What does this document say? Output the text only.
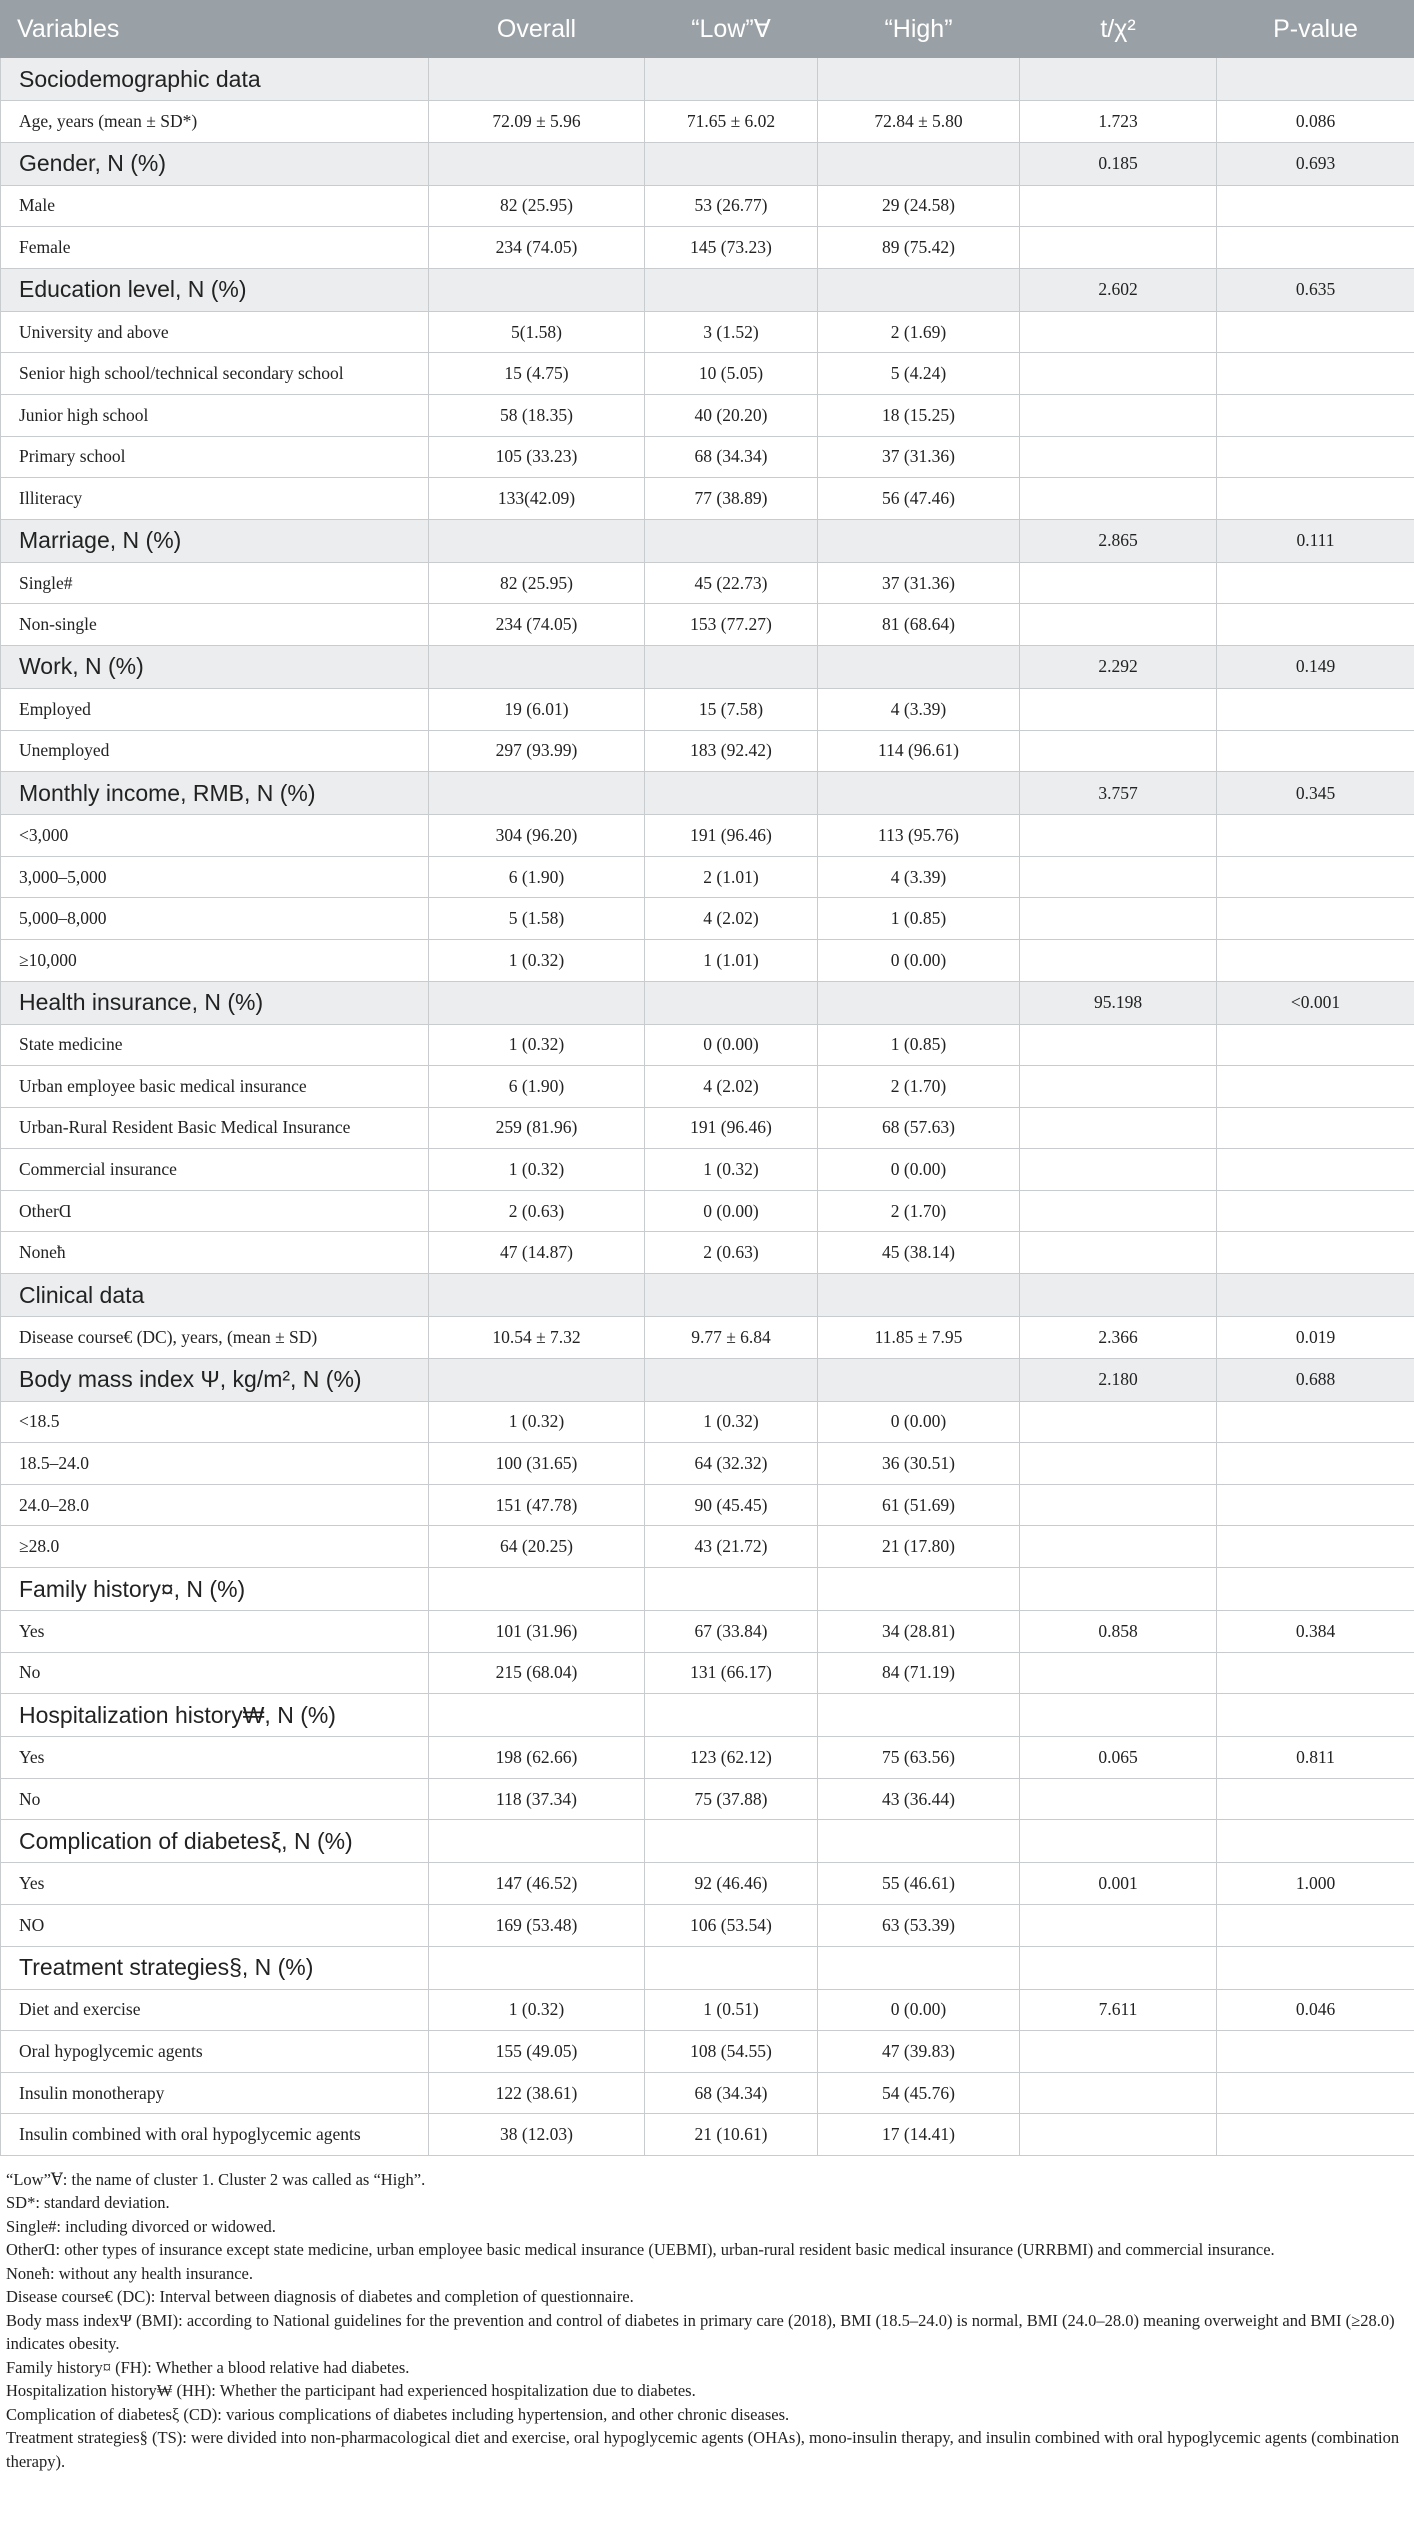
Variables	Overall	“Low”Ɐ	“High”	t/χ²	P-value
Sociodemographic data					
Age, years (mean ± SD*)	72.09 ± 5.96	71.65 ± 6.02	72.84 ± 5.80	1.723	0.086
Gender, N (%)				0.185	0.693
Male	82 (25.95)	53 (26.77)	29 (24.58)		
Female	234 (74.05)	145 (73.23)	89 (75.42)		
Education level, N (%)				2.602	0.635
University and above	5(1.58)	3 (1.52)	2 (1.69)		
Senior high school/technical secondary school	15 (4.75)	10 (5.05)	5 (4.24)		
Junior high school	58 (18.35)	40 (20.20)	18 (15.25)		
Primary school	105 (33.23)	68 (34.34)	37 (31.36)		
Illiteracy	133(42.09)	77 (38.89)	56 (47.46)		
Marriage, N (%)				2.865	0.111
Single#	82 (25.95)	45 (22.73)	37 (31.36)		
Non-single	234 (74.05)	153 (77.27)	81 (68.64)		
Work, N (%)				2.292	0.149
Employed	19 (6.01)	15 (7.58)	4 (3.39)		
Unemployed	297 (93.99)	183 (92.42)	114 (96.61)		
Monthly income, RMB, N (%)				3.757	0.345
<3,000	304 (96.20)	191 (96.46)	113 (95.76)		
3,000–5,000	6 (1.90)	2 (1.01)	4 (3.39)		
5,000–8,000	5 (1.58)	4 (2.02)	1 (0.85)		
≥10,000	1 (0.32)	1 (1.01)	0 (0.00)		
Health insurance, N (%)				95.198	<0.001
State medicine	1 (0.32)	0 (0.00)	1 (0.85)		
Urban employee basic medical insurance	6 (1.90)	4 (2.02)	2 (1.70)		
Urban-Rural Resident Basic Medical Insurance	259 (81.96)	191 (96.46)	68 (57.63)		
Commercial insurance	1 (0.32)	1 (0.32)	0 (0.00)		
OtherⱭ	2 (0.63)	0 (0.00)	2 (1.70)		
Noneħ	47 (14.87)	2 (0.63)	45 (38.14)		
Clinical data					
Disease course€ (DC), years, (mean ± SD)	10.54 ± 7.32	9.77 ± 6.84	11.85 ± 7.95	2.366	0.019
Body mass index Ψ, kg/m², N (%)				2.180	0.688
<18.5	1 (0.32)	1 (0.32)	0 (0.00)		
18.5–24.0	100 (31.65)	64 (32.32)	36 (30.51)		
24.0–28.0	151 (47.78)	90 (45.45)	61 (51.69)		
≥28.0	64 (20.25)	43 (21.72)	21 (17.80)		
Family history¤, N (%)					
Yes	101 (31.96)	67 (33.84)	34 (28.81)	0.858	0.384
No	215 (68.04)	131 (66.17)	84 (71.19)		
Hospitalization history₩, N (%)					
Yes	198 (62.66)	123 (62.12)	75 (63.56)	0.065	0.811
No	118 (37.34)	75 (37.88)	43 (36.44)		
Complication of diabetesξ, N (%)					
Yes	147 (46.52)	92 (46.46)	55 (46.61)	0.001	1.000
NO	169 (53.48)	106 (53.54)	63 (53.39)		
Treatment strategies§, N (%)					
Diet and exercise	1 (0.32)	1 (0.51)	0 (0.00)	7.611	0.046
Oral hypoglycemic agents	155 (49.05)	108 (54.55)	47 (39.83)		
Insulin monotherapy	122 (38.61)	68 (34.34)	54 (45.76)		
Insulin combined with oral hypoglycemic agents	38 (12.03)	21 (10.61)	17 (14.41)		
“Low”Ɐ: the name of cluster 1. Cluster 2 was called as “High”.
SD*: standard deviation.
Single#: including divorced or widowed.
OtherⱭ: other types of insurance except state medicine, urban employee basic medical insurance (UEBMI), urban-rural resident basic medical insurance (URRBMI) and commercial insurance.
Noneħ: without any health insurance.
Disease course€ (DC): Interval between diagnosis of diabetes and completion of questionnaire.
Body mass indexΨ (BMI): according to National guidelines for the prevention and control of diabetes in primary care (2018), BMI (18.5–24.0) is normal, BMI (24.0–28.0) meaning overweight and BMI (≥28.0) indicates obesity.
Family history¤ (FH): Whether a blood relative had diabetes.
Hospitalization history₩ (HH): Whether the participant had experienced hospitalization due to diabetes.
Complication of diabetesξ (CD): various complications of diabetes including hypertension, and other chronic diseases.
Treatment strategies§ (TS): were divided into non-pharmacological diet and exercise, oral hypoglycemic agents (OHAs), mono-insulin therapy, and insulin combined with oral hypoglycemic agents (combination therapy).
